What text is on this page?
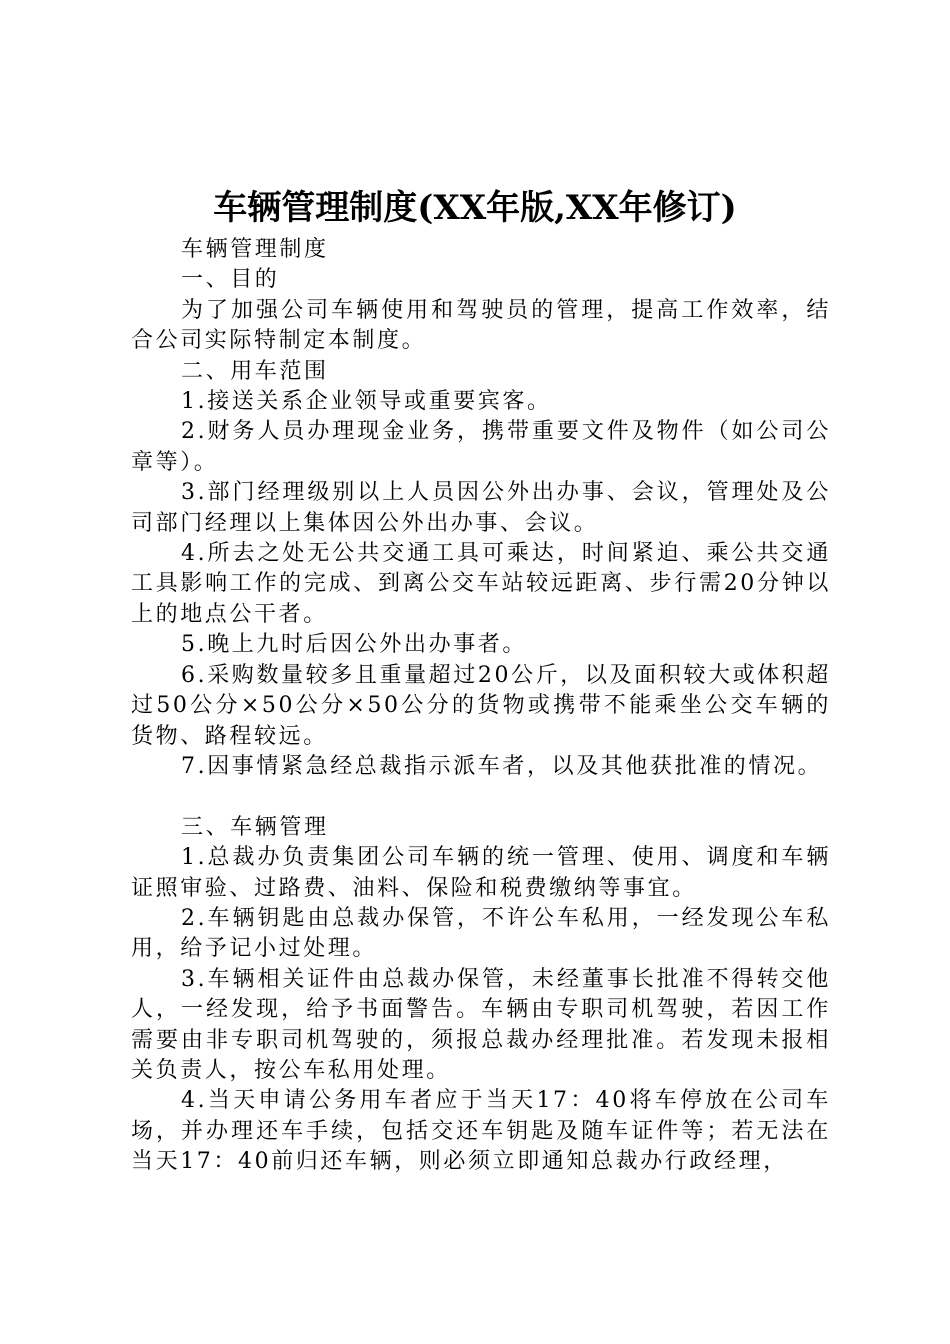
车辆管理制度(XX年版,XX年修订)

车辆管理制度

一、目的

为了加强公司车辆使用和驾驶员的管理，提高工作效率，结合公司实际特制定本制度。

二、用车范围

1.接送关系企业领导或重要宾客。

2.财务人员办理现金业务，携带重要文件及物件（如公司公章等）。

3.部门经理级别以上人员因公外出办事、会议，管理处及公司部门经理以上集体因公外出办事、会议。

4.所去之处无公共交通工具可乘达，时间紧迫、乘公共交通工具影响工作的完成、到离公交车站较远距离、步行需20分钟以上的地点公干者。

5.晚上九时后因公外出办事者。

6.采购数量较多且重量超过20公斤，以及面积较大或体积超过50公分×50公分×50公分的货物或携带不能乘坐公交车辆的货物、路程较远。

7.因事情紧急经总裁指示派车者，以及其他获批准的情况。

三、车辆管理

1.总裁办负责集团公司车辆的统一管理、使用、调度和车辆证照审验、过路费、油料、保险和税费缴纳等事宜。

2.车辆钥匙由总裁办保管，不许公车私用，一经发现公车私用，给予记小过处理。

3.车辆相关证件由总裁办保管，未经董事长批准不得转交他人，一经发现，给予书面警告。车辆由专职司机驾驶，若因工作需要由非专职司机驾驶的，须报总裁办经理批准。若发现未报相关负责人，按公车私用处理。

4.当天申请公务用车者应于当天17：40将车停放在公司车场，并办理还车手续，包括交还车钥匙及随车证件等；若无法在当天17：40前归还车辆，则必须立即通知总裁办行政经理，
